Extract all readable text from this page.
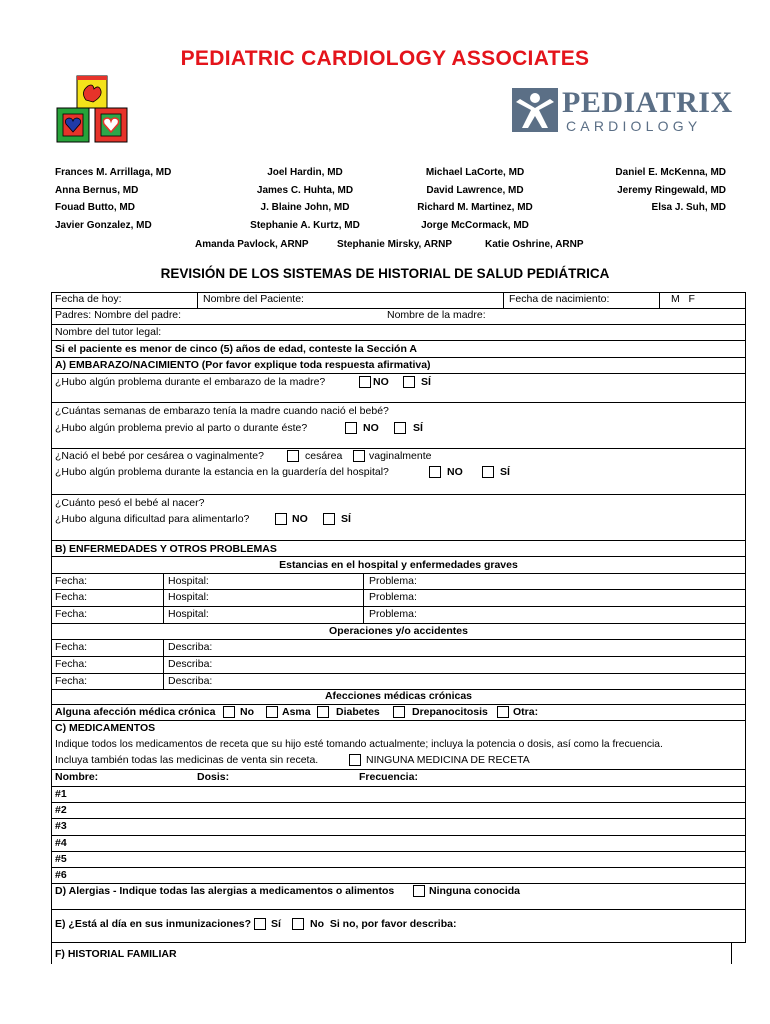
PEDIATRIC CARDIOLOGY ASSOCIATES
PEDIATRIX
CARDIOLOGY
Frances M. Arrillaga, MD
Anna Bernus, MD
Fouad Butto, MD
Javier Gonzalez, MD
Joel Hardin, MD
James C. Huhta, MD
J. Blaine John, MD
Stephanie A. Kurtz, MD
Michael LaCorte, MD
David Lawrence, MD
Richard M. Martinez, MD
Jorge McCormack, MD
Daniel E. McKenna, MD
Jeremy Ringewald, MD
Elsa J. Suh, MD
Amanda Pavlock, ARNP	Stephanie Mirsky, ARNP	Katie Oshrine, ARNP
REVISIÓN DE LOS SISTEMAS DE HISTORIAL DE SALUD PEDIÁTRICA
Fecha de hoy:	Nombre del Paciente:	Fecha de nacimiento:	M   F
Padres: Nombre del padre:	Nombre de la madre:
Nombre del tutor legal:
Si el paciente es menor de cinco (5) años de edad, conteste la Sección A
A) EMBARAZO/NACIMIENTO (Por favor explique toda respuesta afirmativa)
¿Hubo algún problema durante el embarazo de la madre?	NO	SÍ
¿Cuántas semanas de embarazo tenía la madre cuando nació el bebé?
¿Hubo algún problema previo al parto o durante éste?	NO	SÍ
¿Nació el bebé por cesárea o vaginalmente?	cesárea	vaginalmente
¿Hubo algún problema durante la estancia en la guardería del hospital?	NO	SÍ
¿Cuánto pesó el bebé al nacer?
¿Hubo alguna dificultad para alimentarlo?	NO	SÍ
B) ENFERMEDADES Y OTROS PROBLEMAS
Estancias en el hospital y enfermedades graves
Fecha:	Hospital:	Problema:
Fecha:	Hospital:	Problema:
Fecha:	Hospital:	Problema:
Operaciones y/o accidentes
Fecha:	Describa:
Fecha:	Describa:
Fecha:	Describa:
Afecciones médicas crónicas
Alguna afección médica crónica No	Asma Diabetes	Drepanocitosis Otra:
C) MEDICAMENTOS
Indique todos los medicamentos de receta que su hijo esté tomando actualmente; incluya la potencia o dosis, así como la frecuencia.
Incluya también todas las medicinas de venta sin receta.	NINGUNA MEDICINA DE RECETA
Nombre:	Dosis:	Frecuencia:
#1
#2
#3
#4
#5
#6
D) Alergias - Indique todas las alergias a medicamentos o alimentos	Ninguna conocida
E) ¿Está al día en sus inmunizaciones? Sí	No  Si no, por favor describa:
F) HISTORIAL FAMILIAR
